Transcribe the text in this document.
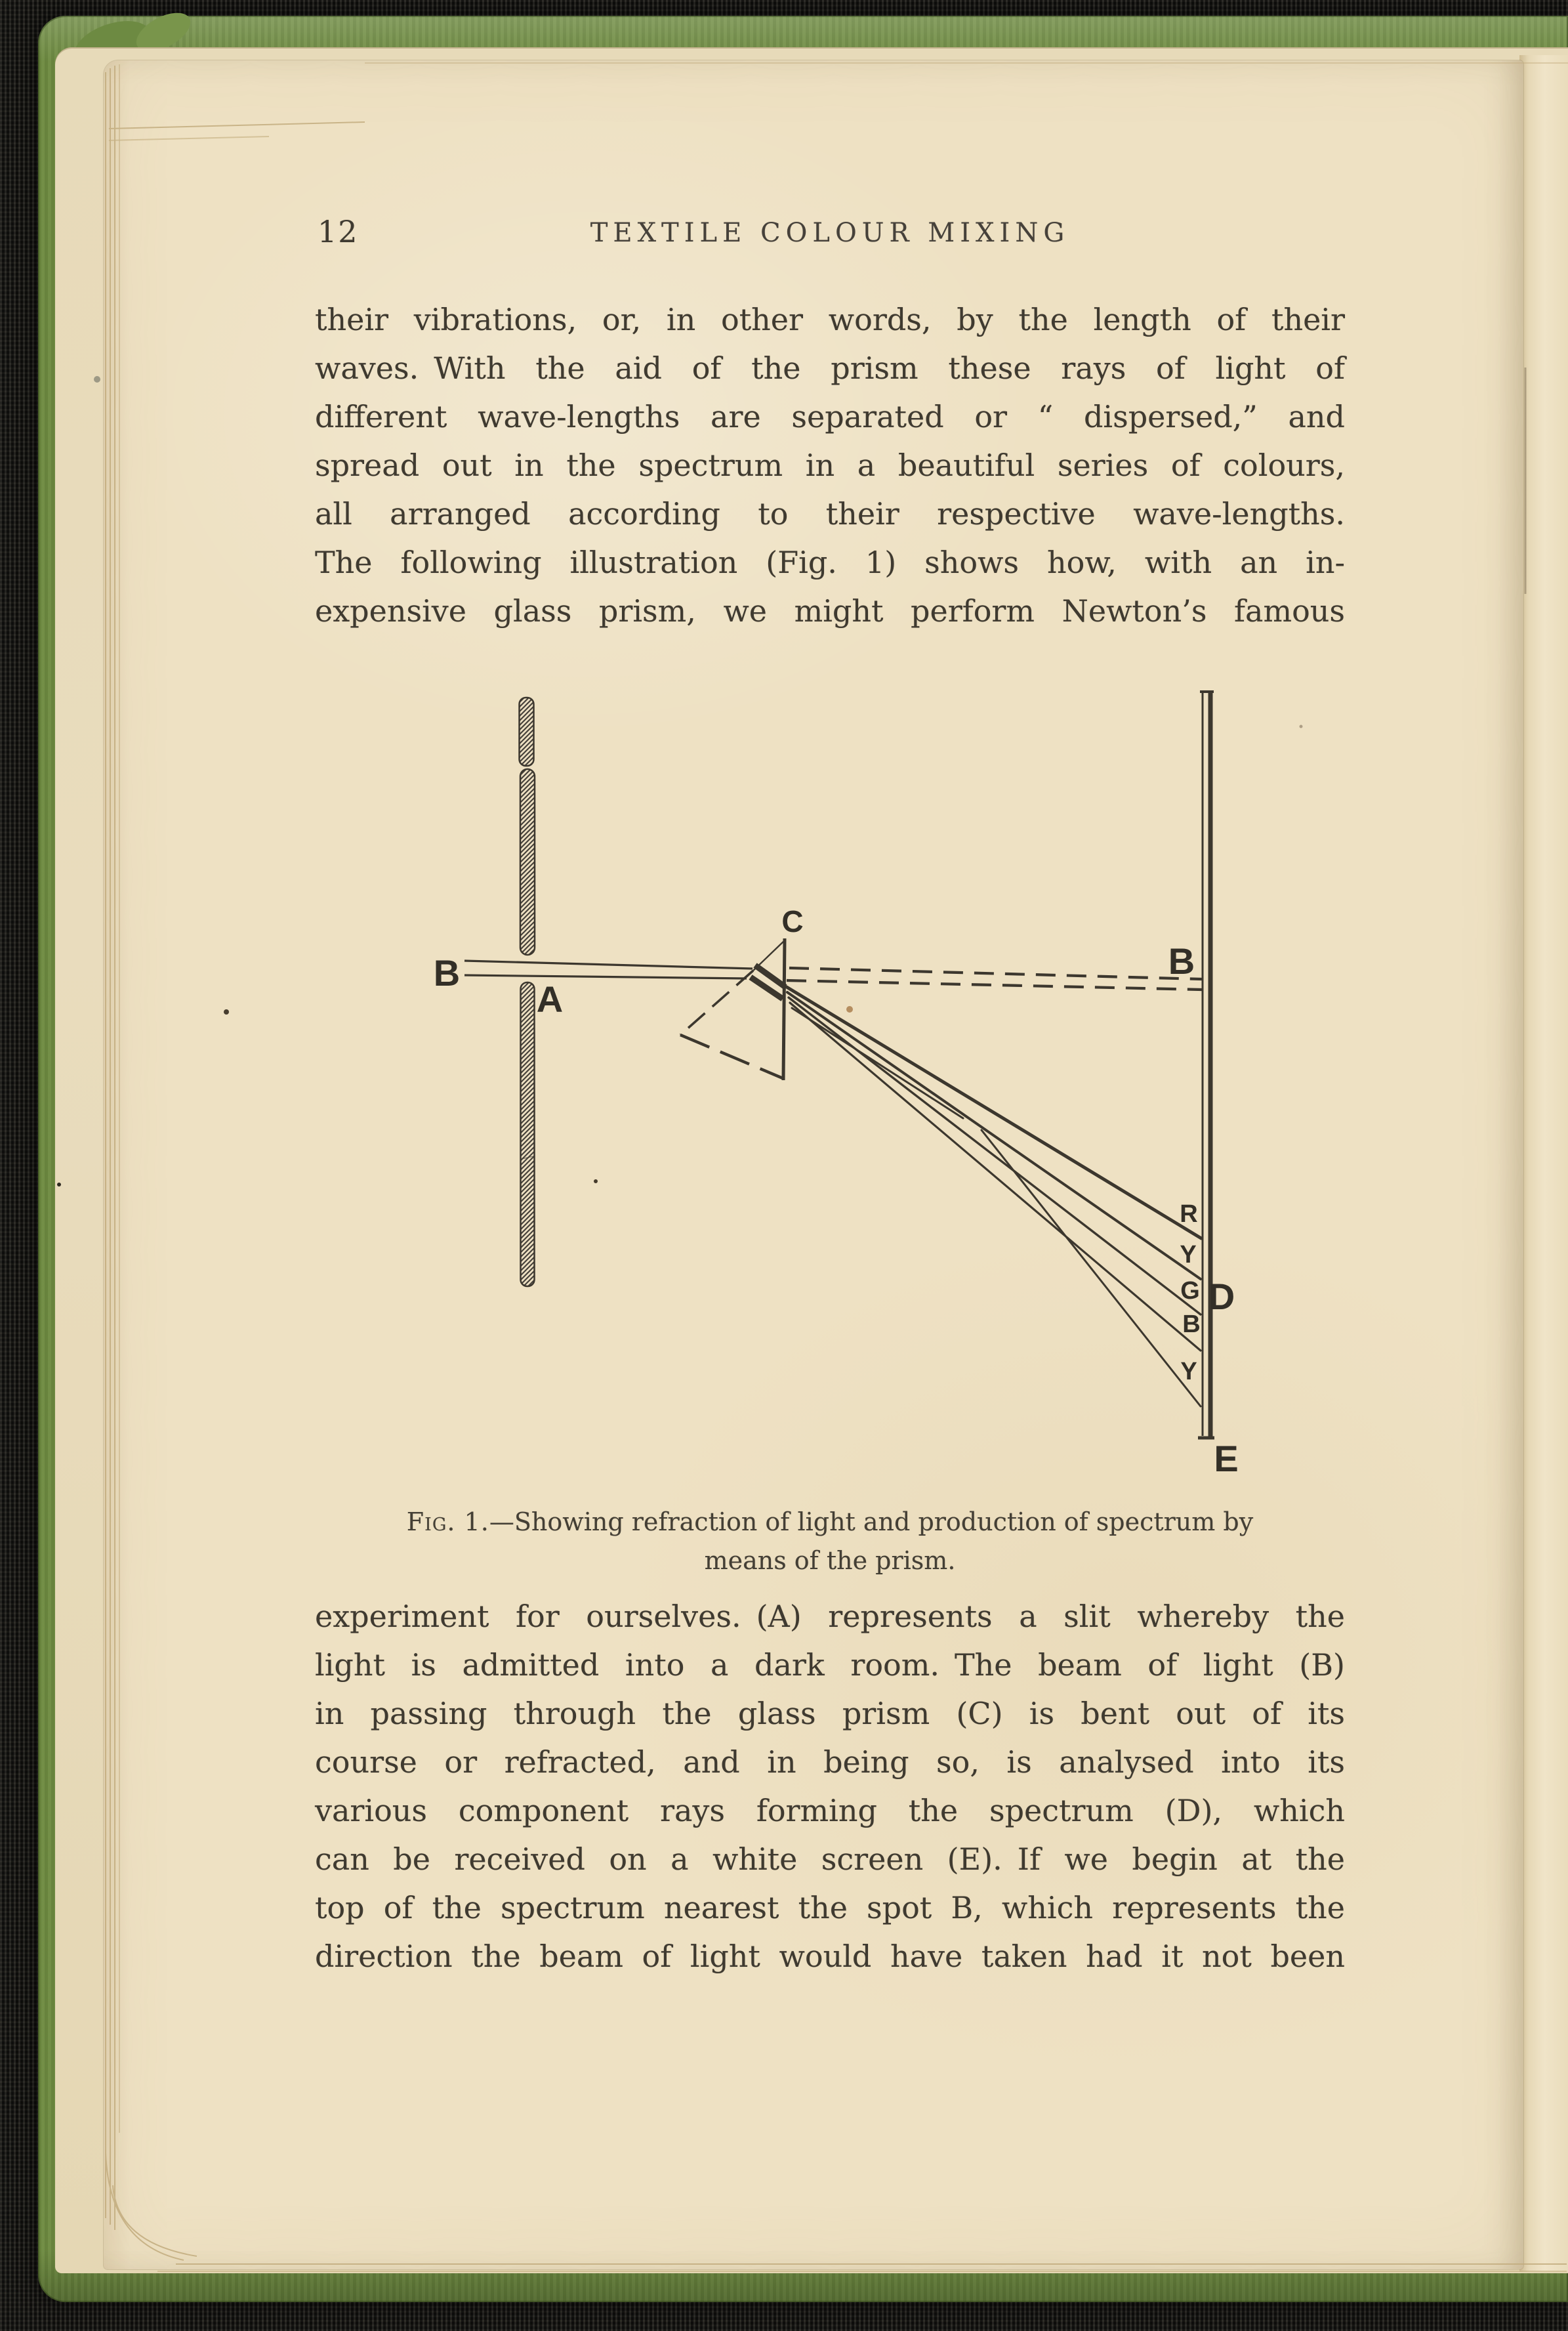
B
A
C
B
D
E
R
Y
G
B
Y
12	TEXTILE COLOUR MIXING
their vibrations, or, in other words, by the length of their
waves. With the aid of the prism these rays of light of
different wave-lengths are separated or “ dispersed,” and
spread out in the spectrum in a beautiful series of colours,
all arranged according to their respective wave-lengths.
The following illustration (Fig. 1) shows how, with an in-
expensive glass prism, we might perform Newton’s famous
Fig. 1.—Showing refraction of light and production of spectrum by
means of the prism.
experiment for ourselves. (A) represents a slit whereby the
light is admitted into a dark room. The beam of light (B)
in passing through the glass prism (C) is bent out of its
course or refracted, and in being so, is analysed into its
various component rays forming the spectrum (D), which
can be received on a white screen (E). If we begin at the
top of the spectrum nearest the spot B, which represents the
direction the beam of light would have taken had it not been
